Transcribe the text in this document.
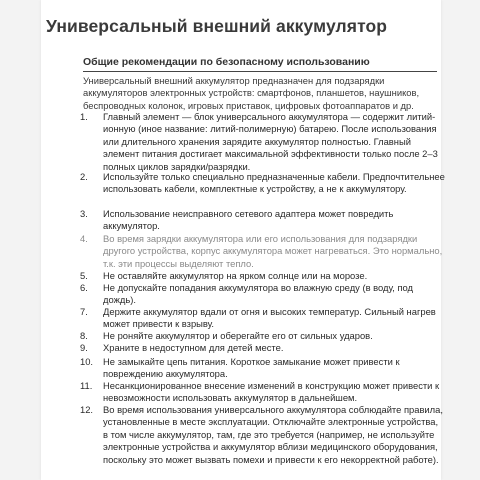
Универсальный внешний аккумулятор
Общие рекомендации по безопасному использованию
Универсальный внешний аккумулятор предназначен для подзарядки аккумуляторов электронных устройств: смартфонов, планшетов, наушников, беспроводных колонок, игровых приставок, цифровых фотоаппаратов и др.
1.	Главный элемент — блок универсального аккумулятора — содержит литий-ионную (иное название: литий-полимерную) батарею. После использования или длительного хранения зарядите аккумулятор полностью. Главный элемент питания достигает максимальной эффективности только после 2–3 полных циклов зарядки/разрядки.
2.	Используйте только специально предназначенные кабели. Предпочтительнее использовать кабели, комплектные к устройству, а не к аккумулятору.
3.	Использование неисправного сетевого адаптера может повредить аккумулятор.
4.	Во время зарядки аккумулятора или его использования для подзарядки другого устройства, корпус аккумулятора может нагреваться. Это нормально, т.к. эти процессы выделяют тепло.
5.	Не оставляйте аккумулятор на ярком солнце или на морозе.
6.	Не допускайте попадания аккумулятора во влажную среду (в воду, под дождь).
7.	Держите аккумулятор вдали от огня и высоких температур. Сильный нагрев может привести к взрыву.
8.	Не роняйте аккумулятор и оберегайте его от сильных ударов.
9.	Храните в недоступном для детей месте.
10.	Не замыкайте цепь питания. Короткое замыкание может привести к повреждению аккумулятора.
11.	Несанкционированное внесение изменений в конструкцию может привести к невозможности использовать аккумулятор в дальнейшем.
12.	Во время использования универсального аккумулятора соблюдайте правила, установленные в месте эксплуатации. Отключайте электронные устройства, в том числе аккумулятор, там, где это требуется (например, не используйте электронные устройства и аккумулятор вблизи медицинского оборудования, поскольку это может вызвать помехи и привести к его некорректной работе).
